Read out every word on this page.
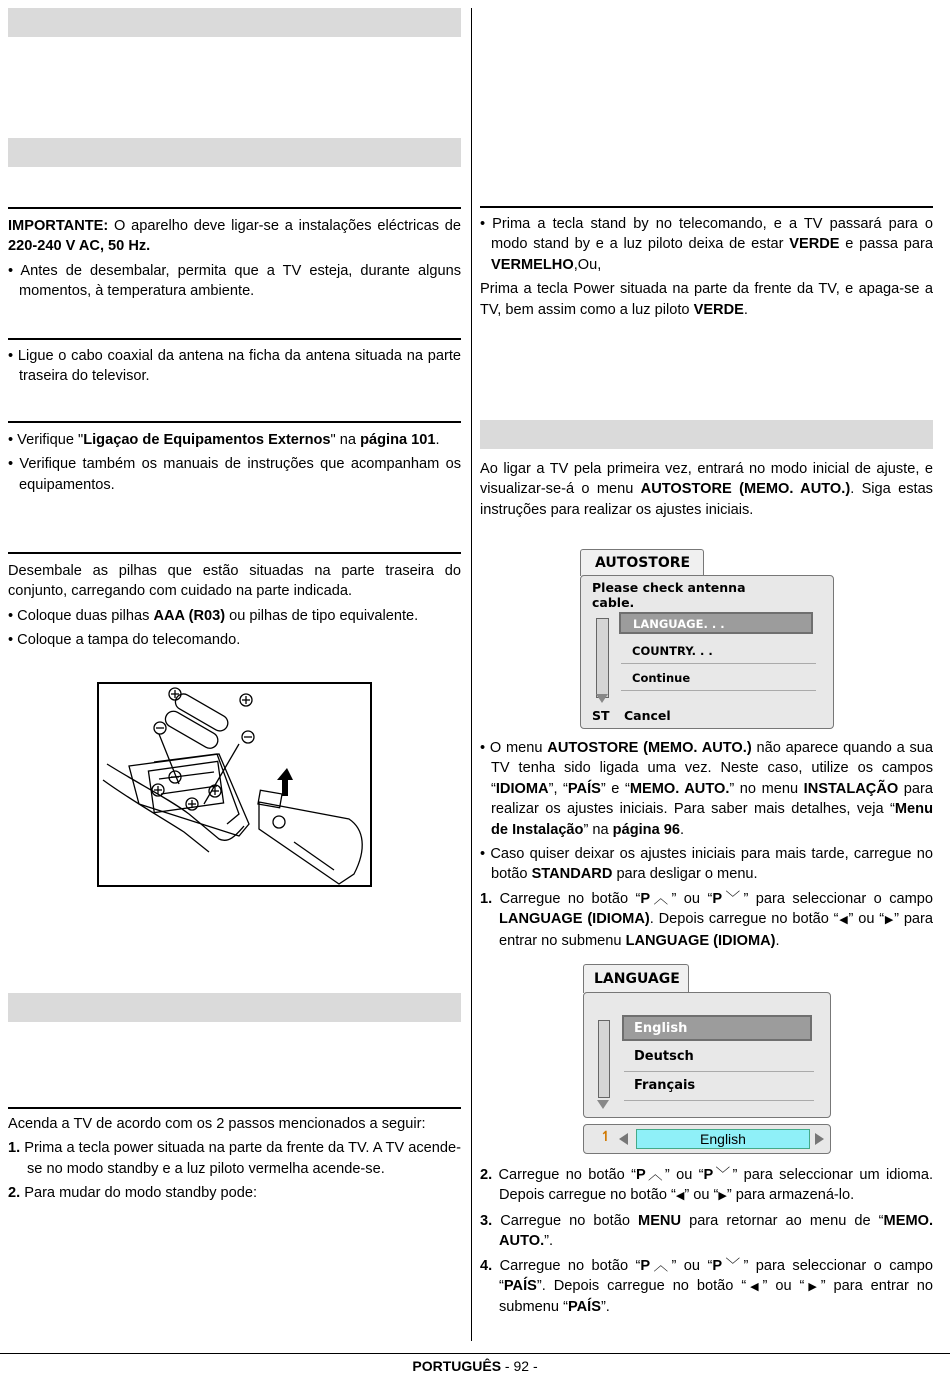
IMPORTANTE: O aparelho deve ligar-se a instalações eléctricas de 220-240 V AC, 50 Hz.

• Antes de desembalar, permita que a TV esteja, durante alguns momentos, à temperatura ambiente.

• Ligue o cabo coaxial da antena na ficha da antena situada na parte traseira do televisor.

• Verifique "Ligaçao de Equipamentos Externos" na página 101.

• Verifique também os manuais de instruções que acompanham os equipamentos.

Desembale as pilhas que estão situadas na parte traseira do conjunto, carregando com cuidado na parte indicada.

• Coloque duas pilhas AAA (R03) ou pilhas de tipo equivalente.

• Coloque a tampa do telecomando.

Acenda a TV de acordo com os 2 passos mencionados a seguir:

1. Prima a tecla power situada na parte da frente da TV. A TV acende-se no modo standby e a luz piloto vermelha acende-se.

2. Para mudar do modo standby pode:

• Prima a tecla stand by no telecomando, e a TV passará para o modo stand by e a luz piloto deixa de estar VERDE e passa para VERMELHO,Ou,

Prima a tecla Power situada na parte da frente da TV, e apaga-se a TV, bem assim como a luz piloto VERDE.

Ao ligar a TV pela primeira vez, entrará no modo inicial de ajuste, e visualizar-se-á o menu AUTOSTORE (MEMO. AUTO.). Siga estas instruções para realizar os ajustes iniciais.

AUTOSTORE
Please check antenna cable.
LANGUAGE. . .
COUNTRY. . .
Continue
ST Cancel

• O menu AUTOSTORE (MEMO. AUTO.) não aparece quando a sua TV tenha sido ligada uma vez. Neste caso, utilize os campos “IDIOMA”, “PAÍS” e “MEMO. AUTO.” no menu INSTALAÇÃO para realizar os ajustes iniciais. Para saber mais detalhes, veja “Menu de Instalação” na página 96.

• Caso quiser deixar os ajustes iniciais para mais tarde, carregue no botão STANDARD para desligar o menu.

1. Carregue no botão “P︿” ou “P﹀” para seleccionar o campo LANGUAGE (IDIOMA). Depois carregue no botão “◀” ou “▶” para entrar no submenu LANGUAGE (IDIOMA).

LANGUAGE
English
Deutsch
Français
↿	English

2. Carregue no botão “P︿” ou “P﹀” para seleccionar um idioma. Depois carregue no botão “◀” ou “▶” para armazená-lo.

3. Carregue no botão MENU para retornar ao menu de “MEMO. AUTO.”.

4. Carregue no botão “P︿” ou “P﹀” para seleccionar o campo “PAÍS”. Depois carregue no botão “◀” ou “▶” para entrar no submenu “PAÍS”.

PORTUGUÊS - 92 -
